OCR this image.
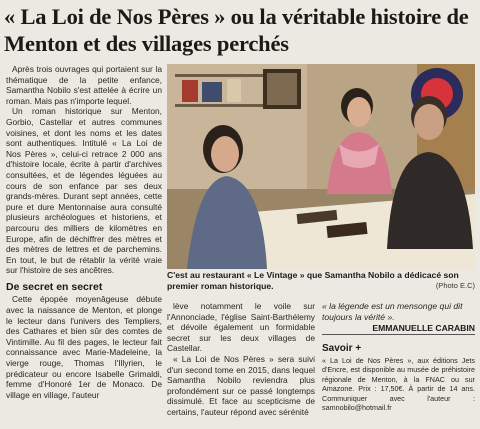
« La Loi de Nos Pères » ou la véritable histoire de Menton et des villages perchés

Après trois ouvrages qui portaient sur la thématique de la petite enfance, Samantha Nobilo s'est attelée à écrire un roman. Mais pas n'importe lequel.

Un roman historique sur Menton, Gorbio, Castellar et autres communes voisines, et dont les noms et les dates sont authentiques. Intitulé « La Loi de Nos Pères », celui-ci retrace 2 000 ans d'histoire locale, écrite à partir d'archives consultées, et de légendes léguées au cours de son enfance par ses deux grands-mères. Durant sept années, cette pure et dure Mentonnaise aura consulté plusieurs archéologues et historiens, et parcouru des milliers de kilomètres en Europe, afin de déchiffrer des mètres et des mètres de lettres et de parchemins. En tout, le but de rétablir la vérité vraie sur l'histoire de ses ancêtres.

De secret en secret

Cette épopée moyenâgeuse débute avec la naissance de Menton, et plonge le lecteur dans l'univers des Templiers, des Cathares et bien sûr des comtes de Vintimille. Au fil des pages, le lecteur fait connaissance avec Marie-Madeleine, la vierge rouge, Thomas l'Illyrien, le prédicateur ou encore Isabelle Grimaldi, femme d'Honoré 1er de Monaco. De village en village, l'auteur

C'est au restaurant « Le Vintage » que Samantha Nobilo a dédicacé son premier roman historique.	(Photo E.C)

lève notamment le voile sur l'Annonciade, l'église Saint-Barthélemy et dévoile également un formidable secret sur les deux villages de Castellar.

« La Loi de Nos Pères » sera suivi d'un second tome en 2015, dans lequel Samantha Nobilo reviendra plus profondément sur ce passé longtemps dissimulé. Et face au scepticisme de certains, l'auteur répond avec sérénité

« la légende est un mensonge qui dit toujours la vérité ».
EMMANUELLE CARABIN
Savoir +
« La Loi de Nos Pères », aux éditions Jets d'Encre, est disponible au musée de préhistoire régionale de Menton, à la FNAC ou sur Amazone. Prix : 17,50€. À partir de 14 ans. Communiquer avec l'auteur : samnobilo@hotmail.fr
